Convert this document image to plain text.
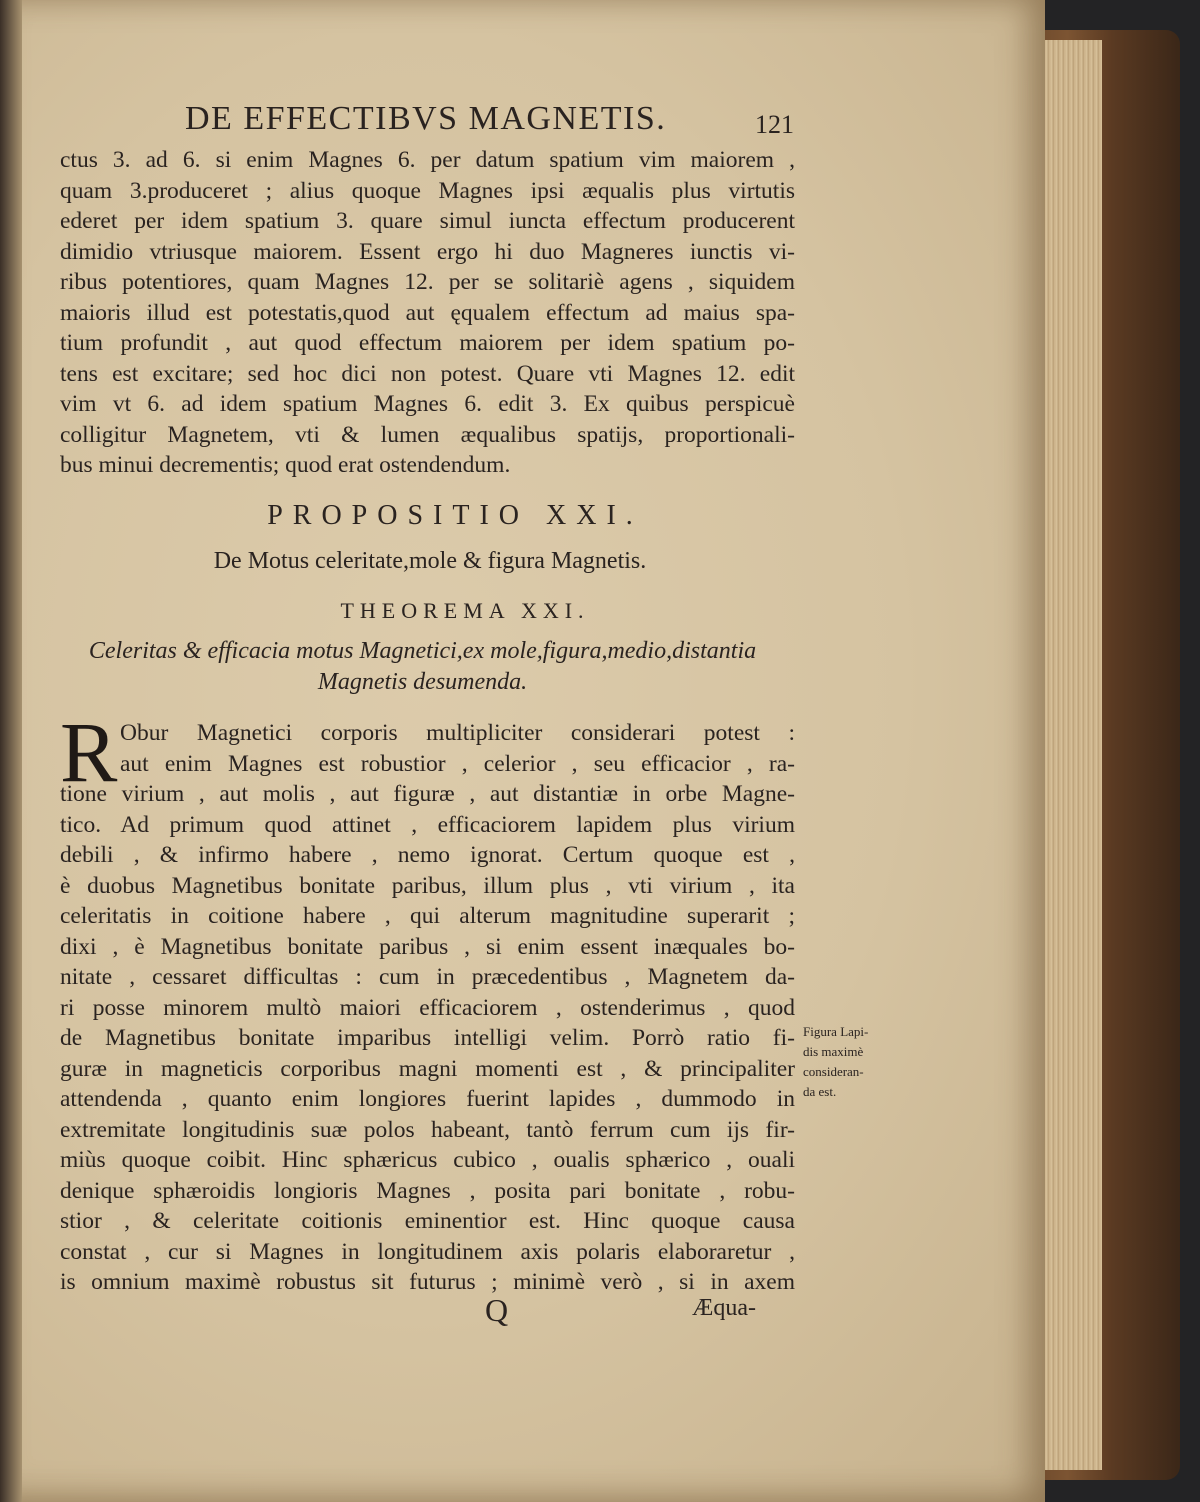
DE EFFECTIBVS MAGNETIS.	121
ctus 3. ad 6. si enim Magnes 6. per datum spatium vim maiorem ,
quam 3.produceret ; alius quoque Magnes ipsi æqualis plus virtutis
ederet per idem spatium 3. quare simul iuncta effectum producerent
dimidio vtriusque maiorem. Essent ergo hi duo Magneres iunctis vi-
ribus potentiores, quam Magnes 12. per se solitariè agens , siquidem
maioris illud est potestatis,quod aut ęqualem effectum ad maius spa-
tium profundit , aut quod effectum maiorem per idem spatium po-
tens est excitare; sed hoc dici non potest. Quare vti Magnes 12. edit
vim vt 6. ad idem spatium Magnes 6. edit 3. Ex quibus perspicuè
colligitur Magnetem, vti & lumen æqualibus spatijs, proportionali-
bus minui decrementis; quod erat ostendendum.
PROPOSITIO XXI.
De Motus celeritate,mole & figura Magnetis.
THEOREMA XXI.
Celeritas & efficacia motus Magnetici,ex mole,figura,medio,distantia
Magnetis desumenda.
R Obur Magnetici corporis multipliciter considerari potest :
aut enim Magnes est robustior , celerior , seu efficacior , ra-
tione virium , aut molis , aut figuræ , aut distantiæ in orbe Magne-
tico. Ad primum quod attinet , efficaciorem lapidem plus virium
debili , & infirmo habere , nemo ignorat. Certum quoque est ,
è duobus Magnetibus bonitate paribus, illum plus , vti virium , ita
celeritatis in coitione habere , qui alterum magnitudine superarit ;
dixi , è Magnetibus bonitate paribus , si enim essent inæquales bo-
nitate , cessaret difficultas : cum in præcedentibus , Magnetem da-
ri posse minorem multò maiori efficaciorem , ostenderimus , quod
de Magnetibus bonitate imparibus intelligi velim. Porrò ratio fi-
guræ in magneticis corporibus magni momenti est , & principaliter
attendenda , quanto enim longiores fuerint lapides , dummodo in
extremitate longitudinis suæ polos habeant, tantò ferrum cum ijs fir-
miùs quoque coibit. Hinc sphæricus cubico , oualis sphærico , ouali
denique sphæroidis longioris Magnes , posita pari bonitate , robu-
stior , & celeritate coitionis eminentior est. Hinc quoque causa
constat , cur si Magnes in longitudinem axis polaris elaboraretur ,
is omnium maximè robustus sit futurus ; minimè verò , si in axem
Figura Lapi-
dis maximè
consideran-
da est.
Q	Æqua-
